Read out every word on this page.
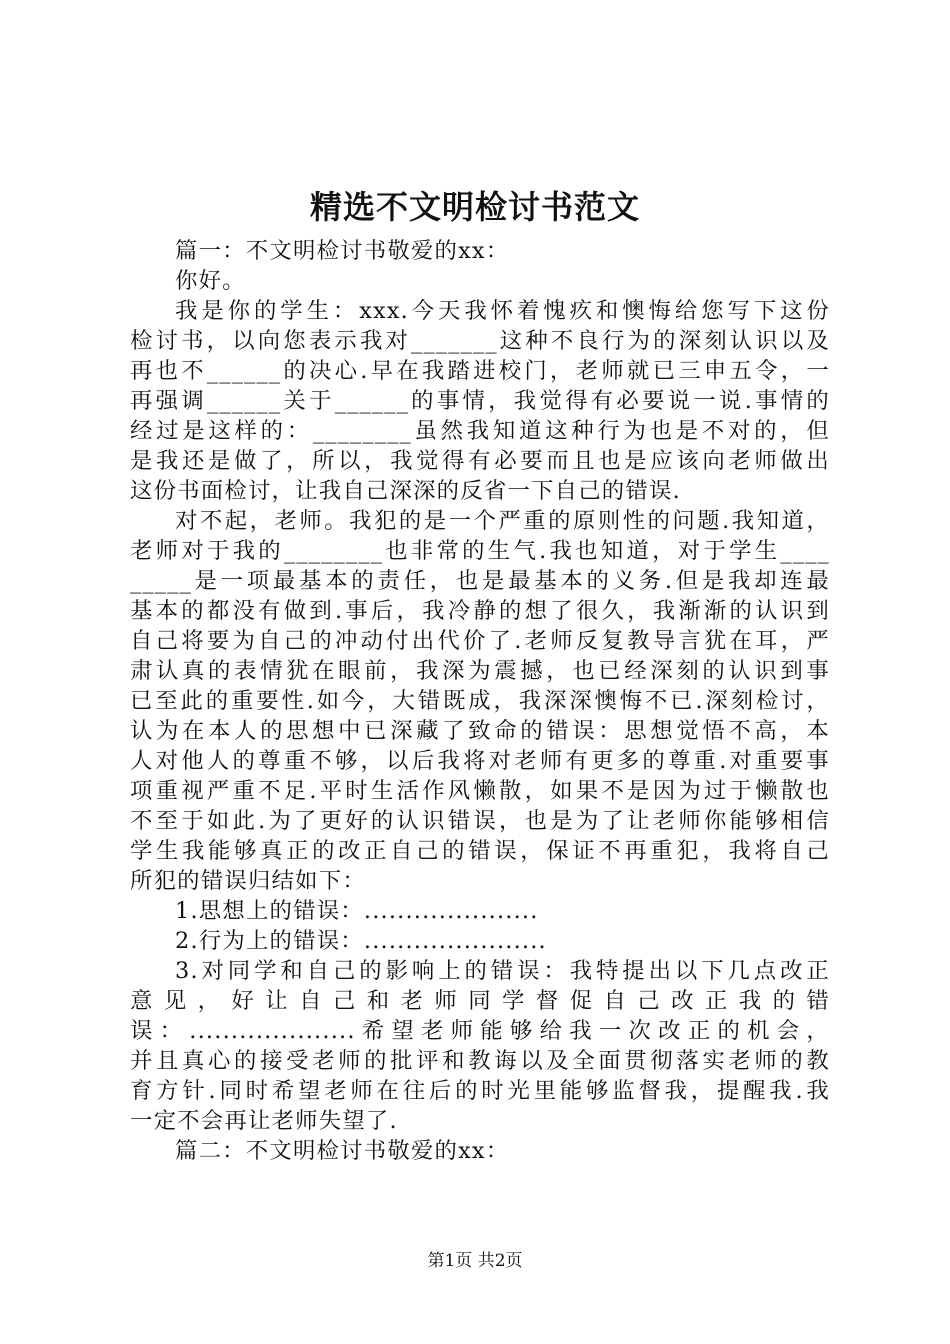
精选不文明检讨书范文
篇一：不文明检讨书敬爱的xx：
你好。
我是你的学生：xxx.今天我怀着愧疚和懊悔给您写下这份
检讨书，以向您表示我对_______这种不良行为的深刻认识以及
再也不______的决心.早在我踏进校门，老师就已三申五令，一
再强调______关于______的事情，我觉得有必要说一说.事情的
经过是这样的：________虽然我知道这种行为也是不对的，但
是我还是做了，所以，我觉得有必要而且也是应该向老师做出
这份书面检讨，让我自己深深的反省一下自己的错误.
对不起，老师。我犯的是一个严重的原则性的问题.我知道，
老师对于我的________也非常的生气.我也知道，对于学生____
_____是一项最基本的责任，也是最基本的义务.但是我却连最
基本的都没有做到.事后，我冷静的想了很久，我渐渐的认识到
自己将要为自己的冲动付出代价了.老师反复教导言犹在耳，严
肃认真的表情犹在眼前，我深为震撼，也已经深刻的认识到事
已至此的重要性.如今，大错既成，我深深懊悔不已.深刻检讨，
认为在本人的思想中已深藏了致命的错误：思想觉悟不高，本
人对他人的尊重不够，以后我将对老师有更多的尊重.对重要事
项重视严重不足.平时生活作风懒散，如果不是因为过于懒散也
不至于如此.为了更好的认识错误，也是为了让老师你能够相信
学生我能够真正的改正自己的错误，保证不再重犯，我将自己
所犯的错误归结如下：
1.思想上的错误：.....................
2.行为上的错误：......................
3.对同学和自己的影响上的错误：我特提出以下几点改正
意见，好让自己和老师同学督促自己改正我的错
误：....................希望老师能够给我一次改正的机会，
并且真心的接受老师的批评和教诲以及全面贯彻落实老师的教
育方针.同时希望老师在往后的时光里能够监督我，提醒我.我
一定不会再让老师失望了.
篇二：不文明检讨书敬爱的xx：
第1页 共2页
